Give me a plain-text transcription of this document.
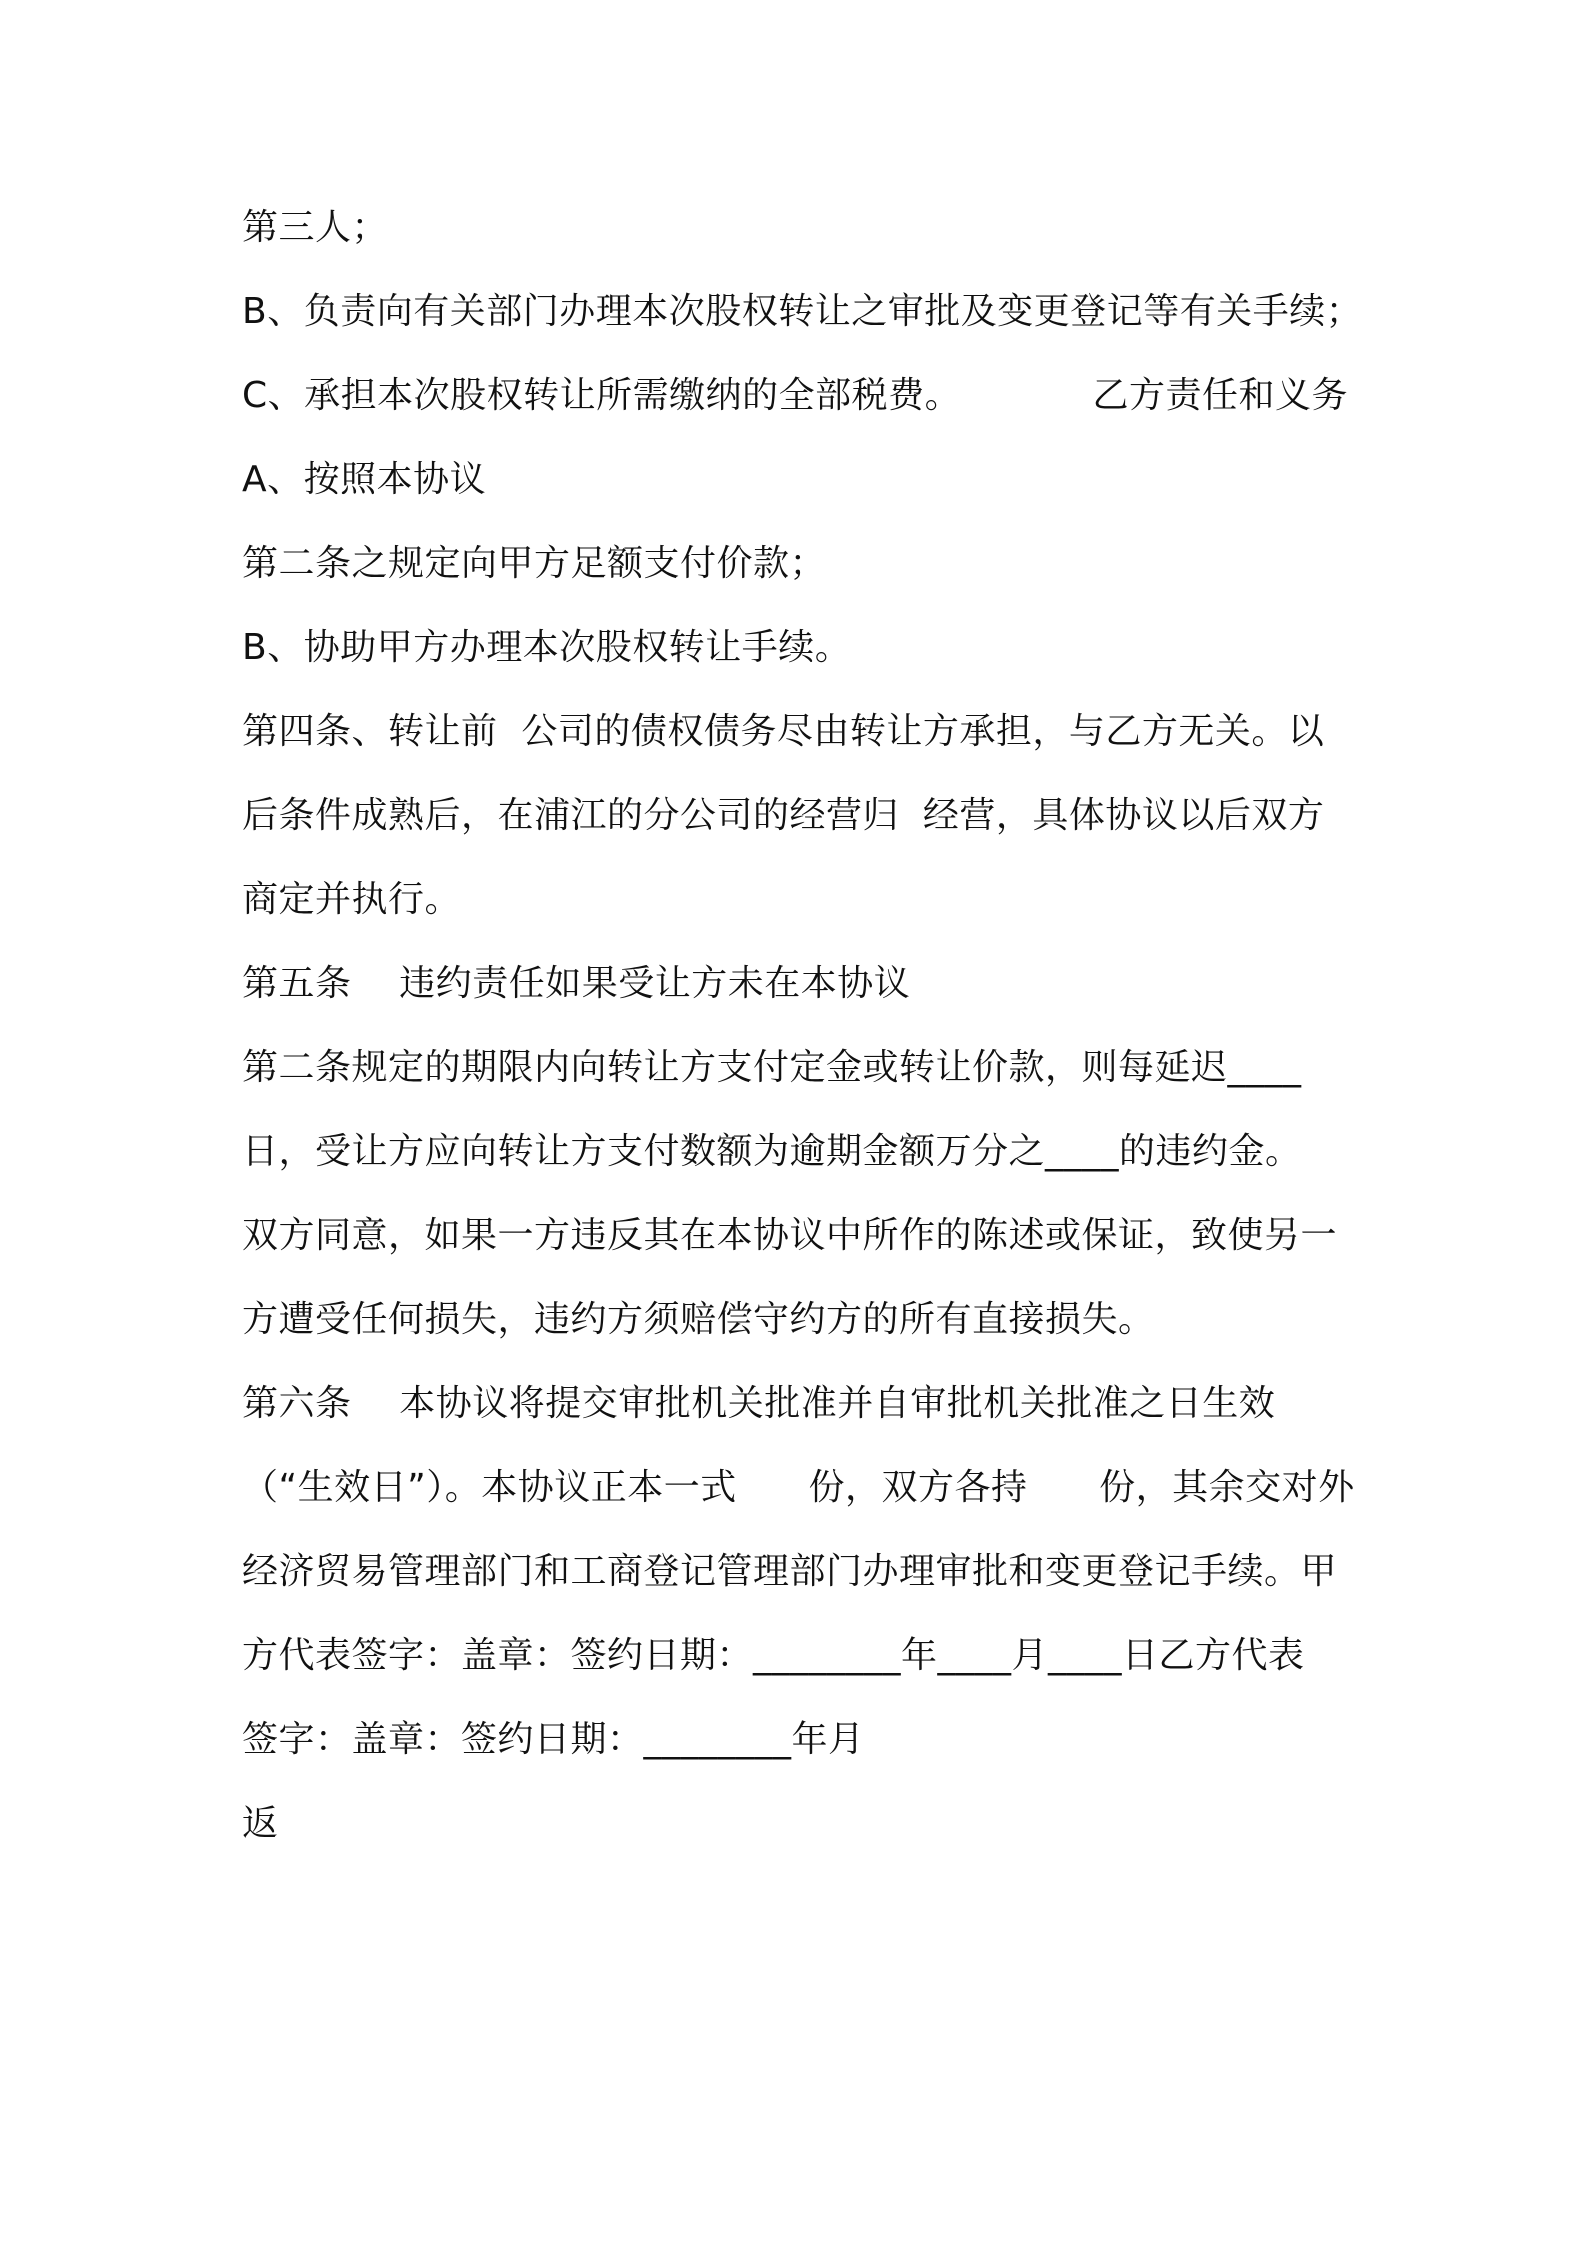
第三人；
B、负责向有关部门办理本次股权转让之审批及变更登记等有关手续；
C、承担本次股权转让所需缴纳的全部税费。           乙方责任和义务
A、按照本协议
第二条之规定向甲方足额支付价款；
B、协助甲方办理本次股权转让手续。
第四条、转让前  公司的债权债务尽由转让方承担，与乙方无关。以
后条件成熟后，在浦江的分公司的经营归  经营，具体协议以后双方
商定并执行。
第五条    违约责任如果受让方未在本协议
第二条规定的期限内向转让方支付定金或转让价款，则每延迟____
日，受让方应向转让方支付数额为逾期金额万分之____的违约金。
双方同意，如果一方违反其在本协议中所作的陈述或保证，致使另一
方遭受任何损失，违约方须赔偿守约方的所有直接损失。
第六条    本协议将提交审批机关批准并自审批机关批准之日生效
（“生效日”）。本协议正本一式      份，双方各持      份，其余交对外
经济贸易管理部门和工商登记管理部门办理审批和变更登记手续。甲
方代表签字：盖章：签约日期：________年____月____日乙方代表
签字：盖章：签约日期：________年月
返
